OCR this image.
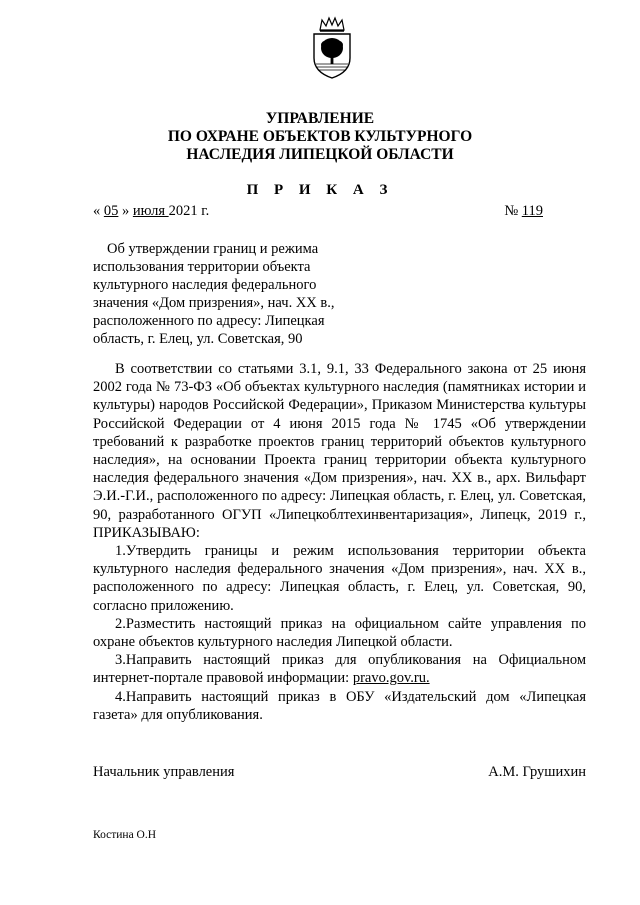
УПРАВЛЕНИЕ
ПО ОХРАНЕ ОБЪЕКТОВ КУЛЬТУРНОГО
НАСЛЕДИЯ ЛИПЕЦКОЙ ОБЛАСТИ
П Р И К А З
« 05 » июля 2021 г.	№ 119
Об утверждении границ и режима
использования территории объекта
культурного наследия федерального
значения «Дом призрения», нач. XX в.,
расположенного по адресу: Липецкая
область, г. Елец, ул. Советская, 90

В соответствии со статьями 3.1, 9.1, 33 Федерального закона от 25 июня 2002 года № 73-ФЗ «Об объектах культурного наследия (памятниках истории и культуры) народов Российской Федерации», Приказом Министерства культуры Российской Федерации от 4 июня 2015 года № 1745 «Об утверждении требований к разработке проектов границ территорий объектов культурного наследия», на основании Проекта границ территории объекта культурного наследия федерального значения «Дом призрения», нач. XX в., арх. Вильфарт Э.И.-Г.И., расположенного по адресу: Липецкая область, г. Елец, ул. Советская, 90, разработанного ОГУП «Липецкоблтехинвентаризация», Липецк, 2019 г., ПРИКАЗЫВАЮ:

1.Утвердить границы и режим использования территории объекта культурного наследия федерального значения «Дом призрения», нач. XX в., расположенного по адресу: Липецкая область, г. Елец, ул. Советская, 90, согласно приложению.

2.Разместить настоящий приказ на официальном сайте управления по охране объектов культурного наследия Липецкой области.

3.Направить настоящий приказ для опубликования на Официальном интернет-портале правовой информации: pravo.gov.ru.

4.Направить настоящий приказ в ОБУ «Издательский дом «Липецкая газета» для опубликования.

Начальник управления	А.М. Грушихин
Костина О.Н
